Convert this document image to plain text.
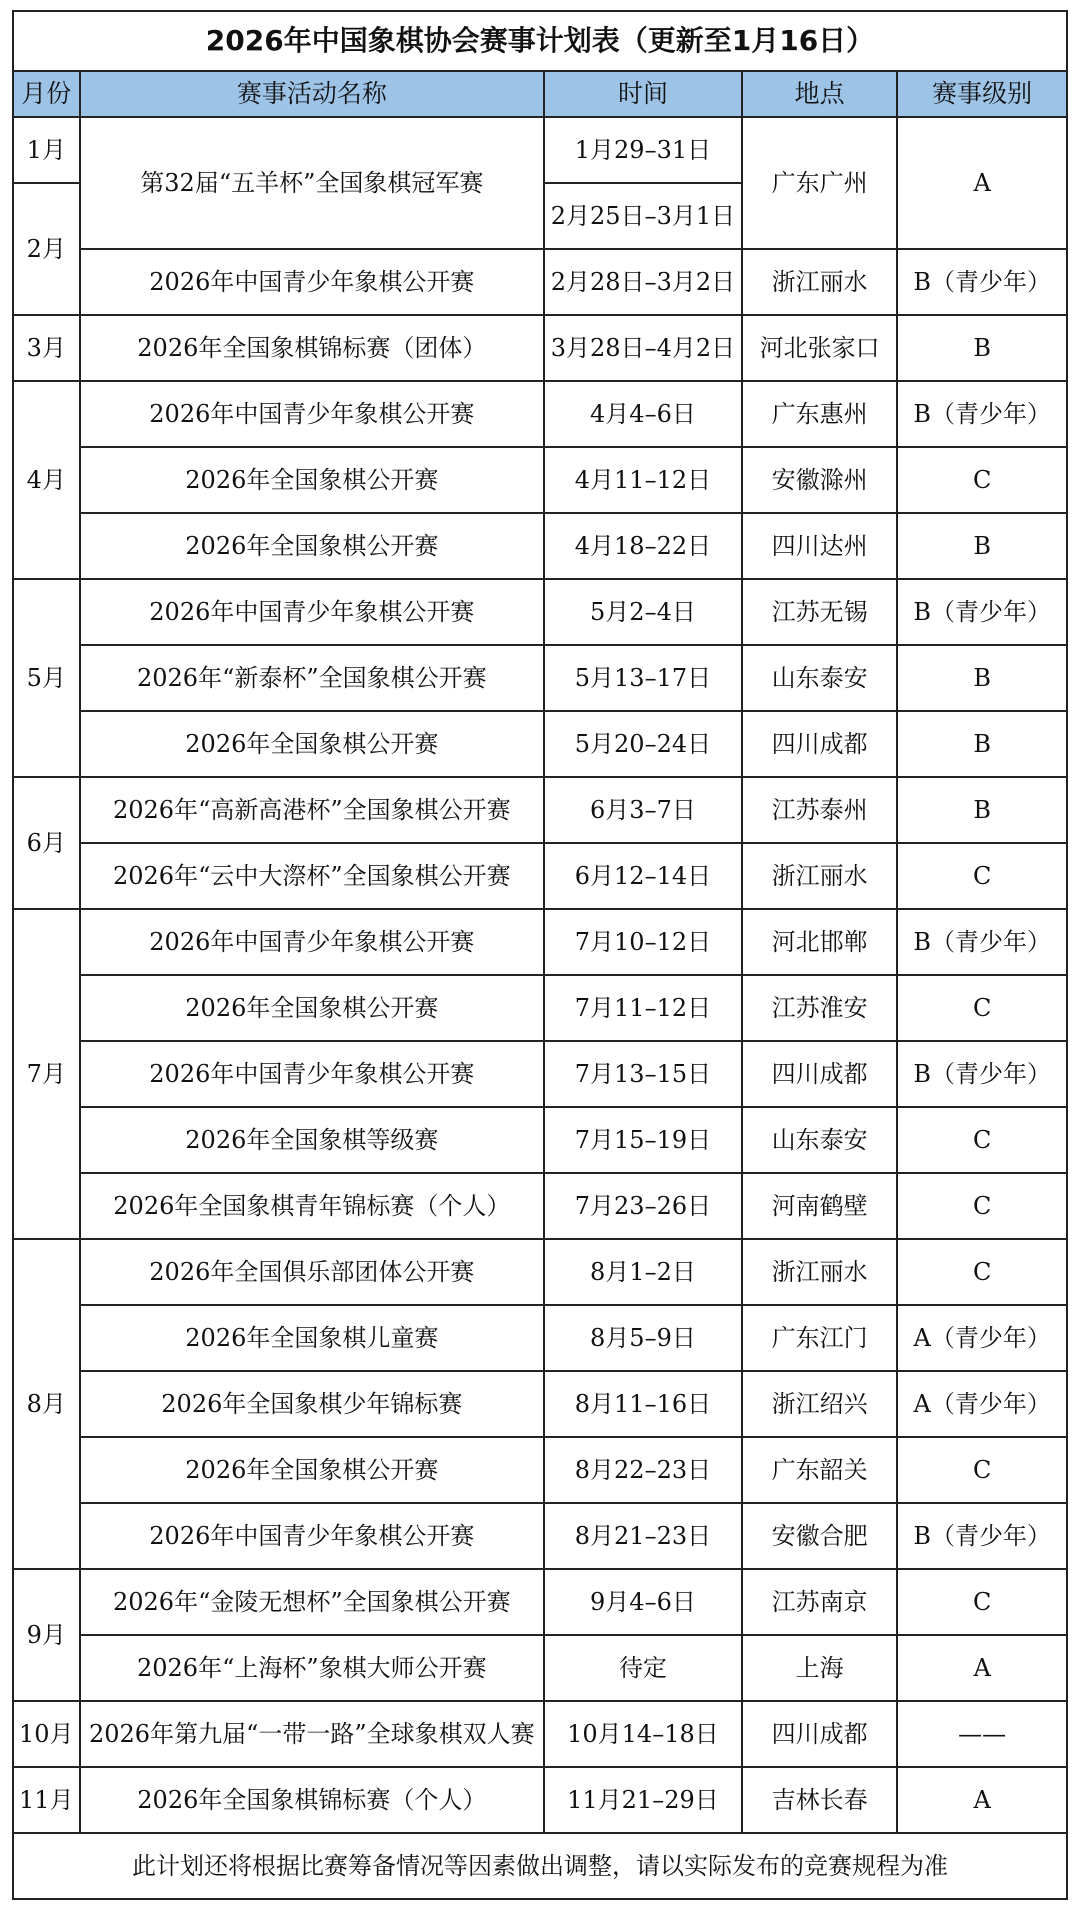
2026年中国象棋协会赛事计划表（更新至1月16日）				
月份	赛事活动名称	时间	地点	赛事级别
1月	第32届“五羊杯”全国象棋冠军赛	1月29–31日	广东广州	A
2月		2月25日–3月1日		
	2026年中国青少年象棋公开赛	2月28日–3月2日	浙江丽水	B（青少年）
3月	2026年全国象棋锦标赛（团体）	3月28日–4月2日	河北张家口	B
4月	2026年中国青少年象棋公开赛	4月4–6日	广东惠州	B（青少年）
	2026年全国象棋公开赛	4月11–12日	安徽滁州	C
	2026年全国象棋公开赛	4月18–22日	四川达州	B
5月	2026年中国青少年象棋公开赛	5月2–4日	江苏无锡	B（青少年）
	2026年“新泰杯”全国象棋公开赛	5月13–17日	山东泰安	B
	2026年全国象棋公开赛	5月20–24日	四川成都	B
6月	2026年“高新高港杯”全国象棋公开赛	6月3–7日	江苏泰州	B
	2026年“云中大漈杯”全国象棋公开赛	6月12–14日	浙江丽水	C
7月	2026年中国青少年象棋公开赛	7月10–12日	河北邯郸	B（青少年）
	2026年全国象棋公开赛	7月11–12日	江苏淮安	C
	2026年中国青少年象棋公开赛	7月13–15日	四川成都	B（青少年）
	2026年全国象棋等级赛	7月15–19日	山东泰安	C
	2026年全国象棋青年锦标赛（个人）	7月23–26日	河南鹤壁	C
8月	2026年全国俱乐部团体公开赛	8月1–2日	浙江丽水	C
	2026年全国象棋儿童赛	8月5–9日	广东江门	A（青少年）
	2026年全国象棋少年锦标赛	8月11–16日	浙江绍兴	A（青少年）
	2026年全国象棋公开赛	8月22–23日	广东韶关	C
	2026年中国青少年象棋公开赛	8月21–23日	安徽合肥	B（青少年）
9月	2026年“金陵无想杯”全国象棋公开赛	9月4–6日	江苏南京	C
	2026年“上海杯”象棋大师公开赛	待定	上海	A
10月	2026年第九届“一带一路”全球象棋双人赛	10月14–18日	四川成都	——
11月	2026年全国象棋锦标赛（个人）	11月21–29日	吉林长春	A
此计划还将根据比赛筹备情况等因素做出调整，请以实际发布的竞赛规程为准				
